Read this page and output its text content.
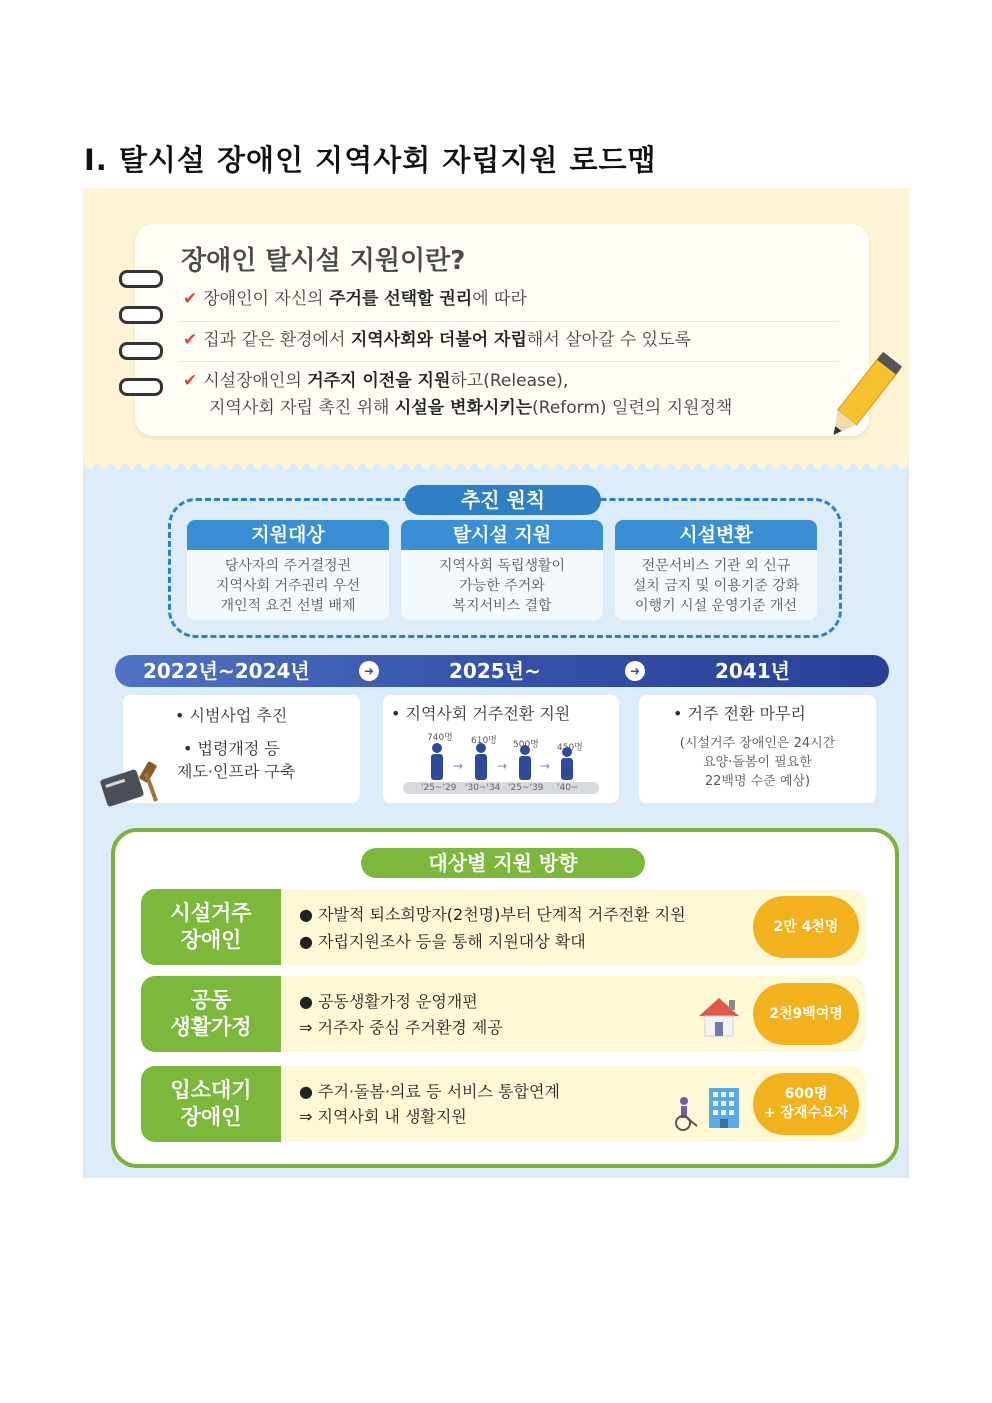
Ⅰ. 탈시설 장애인 지역사회 자립지원 로드맵
장애인 탈시설 지원이란?
✔ 장애인이 자신의 주거를 선택할 권리에 따라
✔ 집과 같은 환경에서 지역사회와 더불어 자립해서 살아갈 수 있도록
✔ 시설장애인의 거주지 이전을 지원하고(Release),
지역사회 자립 촉진 위해 시설을 변화시키는(Reform) 일련의 지원정책
추진 원칙
지원대상
당사자의 주거결정권
지역사회 거주권리 우선
개인적 요건 선별 배제
탈시설 지원
지역사회 독립생활이
가능한 주거와
복지서비스 결합
시설변환
전문서비스 기관 외 신규
설치 금지 및 이용기준 강화
이행기 시설 운영기준 개선
2022년~2024년	➜	2025년~	➜	2041년
• 시범사업 추진
• 법령개정 등
제도·인프라 구축
• 지역사회 거주전환 지원
→	→	→
740명 610명 500명 450명
'25~'29 '30~'34 '25~'39 '40~
• 거주 전환 마무리
(시설거주 장애인은 24시간
요양·돌봄이 필요한
22백명 수준 예상)
대상별 지원 방향
시설거주
장애인
● 자발적 퇴소희망자(2천명)부터 단계적 거주전환 지원
● 자립지원조사 등을 통해 지원대상 확대
2만 4천명
공동
생활가정
● 공동생활가정 운영개편
⇒ 거주자 중심 주거환경 제공
2천9백여명
입소대기
장애인
● 주거·돌봄·의료 등 서비스 통합연계
⇒ 지역사회 내 생활지원
600명
+ 잠재수요자
